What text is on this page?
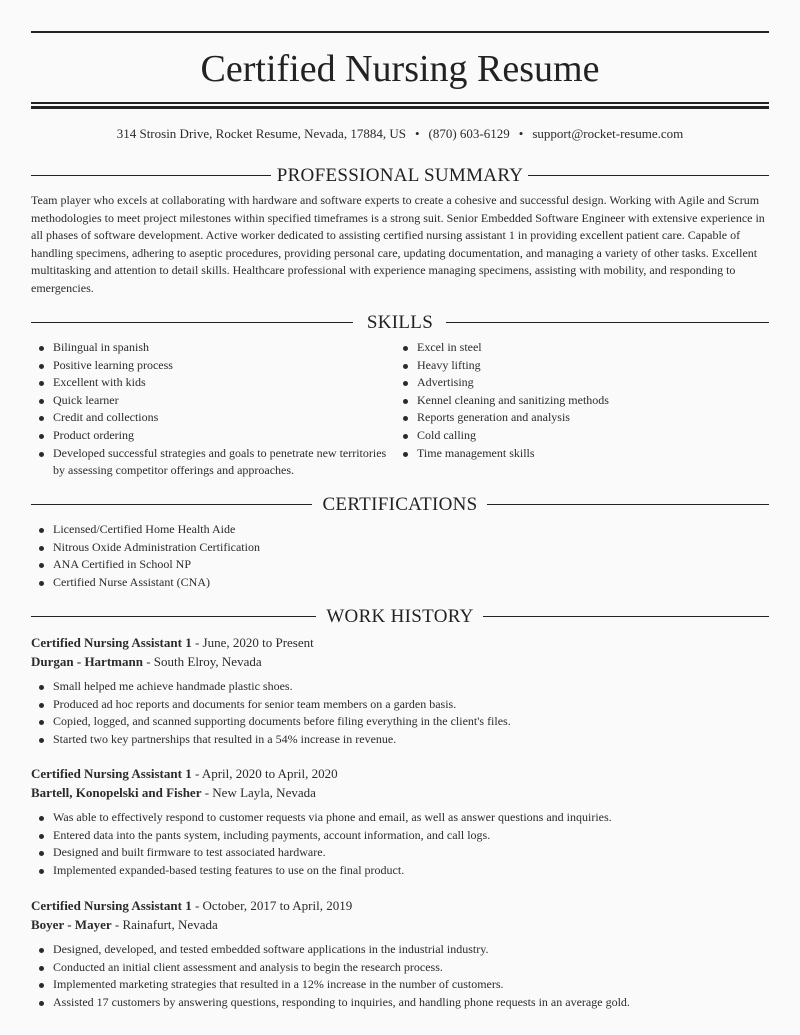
Certified Nursing Resume
314 Strosin Drive, Rocket Resume, Nevada, 17884, US • (870) 603-6129 • support@rocket-resume.com
PROFESSIONAL SUMMARY

Team player who excels at collaborating with hardware and software experts to create a cohesive and successful design. Working with Agile and Scrum methodologies to meet project milestones within specified timeframes is a strong suit. Senior Embedded Software Engineer with extensive experience in all phases of software development. Active worker dedicated to assisting certified nursing assistant 1 in providing excellent patient care. Capable of handling specimens, adhering to aseptic procedures, providing personal care, updating documentation, and managing a variety of other tasks. Excellent multitasking and attention to detail skills. Healthcare professional with experience managing specimens, assisting with mobility, and responding to emergencies.

SKILLS
Bilingual in spanish
Positive learning process
Excellent with kids
Quick learner
Credit and collections
Product ordering
Developed successful strategies and goals to penetrate new territories by assessing competitor offerings and approaches.
Excel in steel
Heavy lifting
Advertising
Kennel cleaning and sanitizing methods
Reports generation and analysis
Cold calling
Time management skills
CERTIFICATIONS
Licensed/Certified Home Health Aide
Nitrous Oxide Administration Certification
ANA Certified in School NP
Certified Nurse Assistant (CNA)
WORK HISTORY
Certified Nursing Assistant 1 - June, 2020 to Present
Durgan - Hartmann - South Elroy, Nevada
Small helped me achieve handmade plastic shoes.
Produced ad hoc reports and documents for senior team members on a garden basis.
Copied, logged, and scanned supporting documents before filing everything in the client's files.
Started two key partnerships that resulted in a 54% increase in revenue.
Certified Nursing Assistant 1 - April, 2020 to April, 2020
Bartell, Konopelski and Fisher - New Layla, Nevada
Was able to effectively respond to customer requests via phone and email, as well as answer questions and inquiries.
Entered data into the pants system, including payments, account information, and call logs.
Designed and built firmware to test associated hardware.
Implemented expanded-based testing features to use on the final product.
Certified Nursing Assistant 1 - October, 2017 to April, 2019
Boyer - Mayer - Rainafurt, Nevada
Designed, developed, and tested embedded software applications in the industrial industry.
Conducted an initial client assessment and analysis to begin the research process.
Implemented marketing strategies that resulted in a 12% increase in the number of customers.
Assisted 17 customers by answering questions, responding to inquiries, and handling phone requests in an average gold.
